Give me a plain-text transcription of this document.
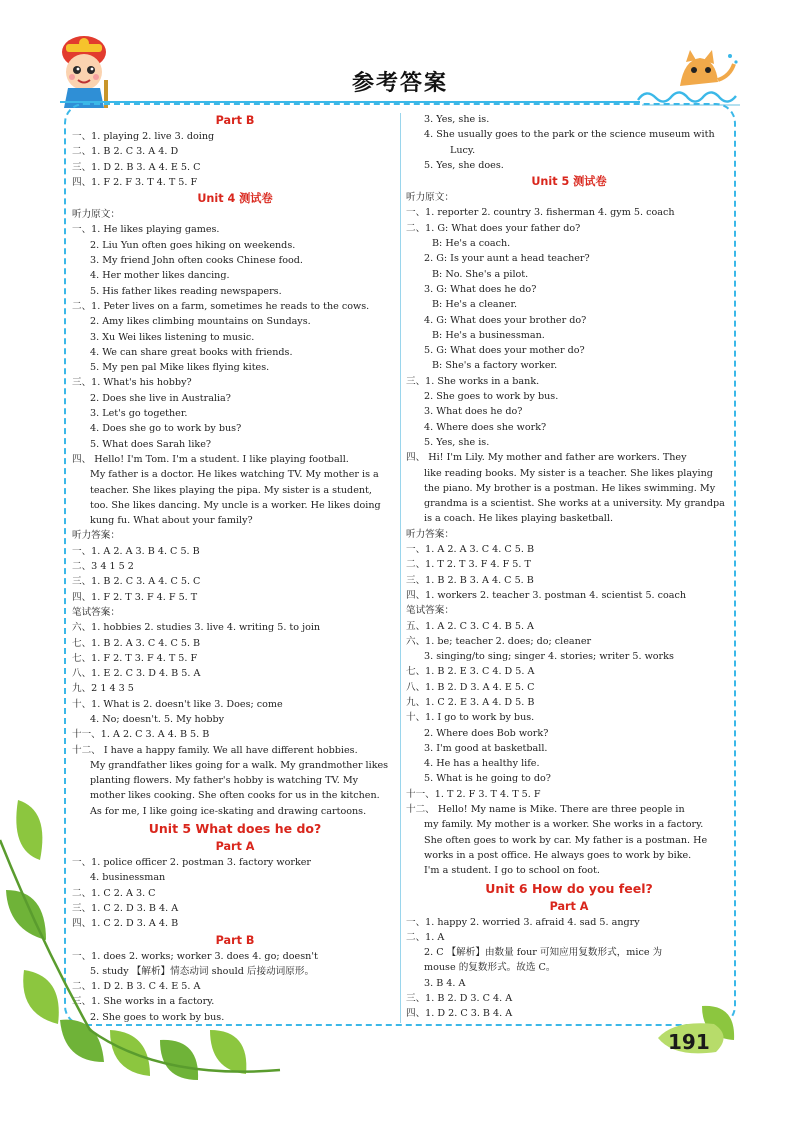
参考答案
Part B
一、1. playing 2. live 3. doing
二、1. B 2. C 3. A 4. D
三、1. D 2. B 3. A 4. E 5. C
四、1. F 2. F 3. T 4. T 5. F
Unit 4 测试卷
听力原文：
一、1. He likes playing games.
2. Liu Yun often goes hiking on weekends.
3. My friend John often cooks Chinese food.
4. Her mother likes dancing.
5. His father likes reading newspapers.
二、1. Peter lives on a farm, sometimes he reads to the cows.
2. Amy likes climbing mountains on Sundays.
3. Xu Wei likes listening to music.
4. We can share great books with friends.
5. My pen pal Mike likes flying kites.
三、1. What's his hobby?
2. Does she live in Australia?
3. Let's go together.
4. Does she go to work by bus?
5. What does Sarah like?
四、 Hello! I'm Tom. I'm a student. I like playing football.
My father is a doctor. He likes watching TV. My mother is a
teacher. She likes playing the pipa. My sister is a student,
too. She likes dancing. My uncle is a worker. He likes doing
kung fu. What about your family?
听力答案：
一、1. A 2. A 3. B 4. C 5. B
二、3 4 1 5 2
三、1. B 2. C 3. A 4. C 5. C
四、1. F 2. T 3. F 4. F 5. T
笔试答案：
六、1. hobbies 2. studies 3. live 4. writing 5. to join
七、1. B 2. A 3. C 4. C 5. B
七、1. F 2. T 3. F 4. T 5. F
八、1. E 2. C 3. D 4. B 5. A
九、2 1 4 3 5
十、1. What is 2. doesn't like 3. Does; come
4. No; doesn't. 5. My hobby
十一、1. A 2. C 3. A 4. B 5. B
十二、 I have a happy family. We all have different hobbies.
My grandfather likes going for a walk. My grandmother likes
planting flowers. My father's hobby is watching TV. My
mother likes cooking. She often cooks for us in the kitchen.
As for me, I like going ice-skating and drawing cartoons.
Unit 5 What does he do?
Part A
一、1. police officer 2. postman 3. factory worker
4. businessman
二、1. C 2. A 3. C
三、1. C 2. D 3. B 4. A
四、1. C 2. D 3. A 4. B
Part B
一、1. does 2. works; worker 3. does 4. go; doesn't
5. study 【解析】情态动词 should 后接动词原形。
二、1. D 2. B 3. C 4. E 5. A
三、1. She works in a factory.
2. She goes to work by bus.
3. Yes, she is.
4. She usually goes to the park or the science museum with
Lucy.
5. Yes, she does.
Unit 5 测试卷
听力原文：
一、1. reporter 2. country 3. fisherman 4. gym 5. coach
二、1. G: What does your father do?
B: He's a coach.
2. G: Is your aunt a head teacher?
B: No. She's a pilot.
3. G: What does he do?
B: He's a cleaner.
4. G: What does your brother do?
B: He's a businessman.
5. G: What does your mother do?
B: She's a factory worker.
三、1. She works in a bank.
2. She goes to work by bus.
3. What does he do?
4. Where does she work?
5. Yes, she is.
四、 Hi! I'm Lily. My mother and father are workers. They
like reading books. My sister is a teacher. She likes playing
the piano. My brother is a postman. He likes swimming. My
grandma is a scientist. She works at a university. My grandpa
is a coach. He likes playing basketball.
听力答案：
一、1. A 2. A 3. C 4. C 5. B
二、1. T 2. T 3. F 4. F 5. T
三、1. B 2. B 3. A 4. C 5. B
四、1. workers 2. teacher 3. postman 4. scientist 5. coach
笔试答案：
五、1. A 2. C 3. C 4. B 5. A
六、1. be; teacher 2. does; do; cleaner
3. singing/to sing; singer 4. stories; writer 5. works
七、1. B 2. E 3. C 4. D 5. A
八、1. B 2. D 3. A 4. E 5. C
九、1. C 2. E 3. A 4. D 5. B
十、1. I go to work by bus.
2. Where does Bob work?
3. I'm good at basketball.
4. He has a healthy life.
5. What is he going to do?
十一、1. T 2. F 3. T 4. T 5. F
十二、 Hello! My name is Mike. There are three people in
my family. My mother is a worker. She works in a factory.
She often goes to work by car. My father is a postman. He
works in a post office. He always goes to work by bike.
I'm a student. I go to school on foot.
Unit 6 How do you feel?
Part A
一、1. happy 2. worried 3. afraid 4. sad 5. angry
二、1. A
2. C 【解析】由数量 four 可知应用复数形式，mice 为
mouse 的复数形式。故选 C。
3. B 4. A
三、1. B 2. D 3. C 4. A
四、1. D 2. C 3. B 4. A
191
